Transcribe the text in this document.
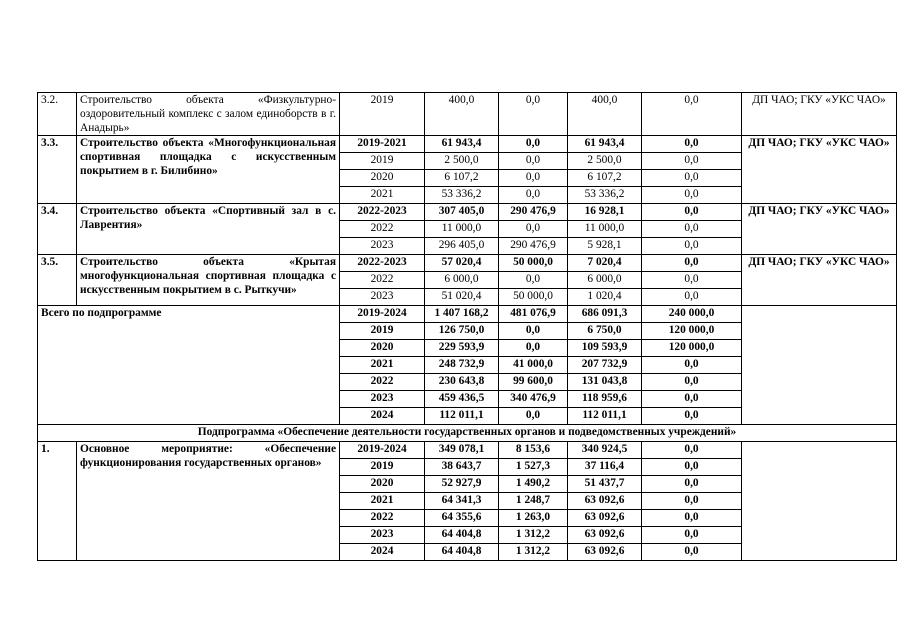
3.2.	Строительство объекта «Физкультурно-оздоровительный комплекс с залом единоборств в г. Анадырь»	2019	400,0	0,0	400,0	0,0	ДП ЧАО; ГКУ «УКС ЧАО»
3.3.	Строительство объекта «Многофункциональная спортивная площадка с искусственным покрытием в г. Билибино»	2019-2021	61 943,4	0,0	61 943,4	0,0	ДП ЧАО; ГКУ «УКС ЧАО»
		2019	2 500,0	0,0	2 500,0	0,0	
		2020	6 107,2	0,0	6 107,2	0,0	
		2021	53 336,2	0,0	53 336,2	0,0	
3.4.	Строительство объекта «Спортивный зал в с. Лаврентия»	2022-2023	307 405,0	290 476,9	16 928,1	0,0	ДП ЧАО; ГКУ «УКС ЧАО»
		2022	11 000,0	0,0	11 000,0	0,0	
		2023	296 405,0	290 476,9	5 928,1	0,0	
3.5.	Строительство объекта «Крытая многофункциональная спортивная площадка с искусственным покрытием в с. Рыткучи»	2022-2023	57 020,4	50 000,0	7 020,4	0,0	ДП ЧАО; ГКУ «УКС ЧАО»
		2022	6 000,0	0,0	6 000,0	0,0	
		2023	51 020,4	50 000,0	1 020,4	0,0	
Всего по подпрограмме		2019-2024	1 407 168,2	481 076,9	686 091,3	240 000,0	
		2019	126 750,0	0,0	6 750,0	120 000,0	
		2020	229 593,9	0,0	109 593,9	120 000,0	
		2021	248 732,9	41 000,0	207 732,9	0,0	
		2022	230 643,8	99 600,0	131 043,8	0,0	
		2023	459 436,5	340 476,9	118 959,6	0,0	
		2024	112 011,1	0,0	112 011,1	0,0	
Подпрограмма «Обеспечение деятельности государственных органов и подведомственных учреждений»							
1.	Основное мероприятие: «Обеспечение функционирования государственных органов»	2019-2024	349 078,1	8 153,6	340 924,5	0,0	
		2019	38 643,7	1 527,3	37 116,4	0,0	
		2020	52 927,9	1 490,2	51 437,7	0,0	
		2021	64 341,3	1 248,7	63 092,6	0,0	
		2022	64 355,6	1 263,0	63 092,6	0,0	
		2023	64 404,8	1 312,2	63 092,6	0,0	
		2024	64 404,8	1 312,2	63 092,6	0,0	
